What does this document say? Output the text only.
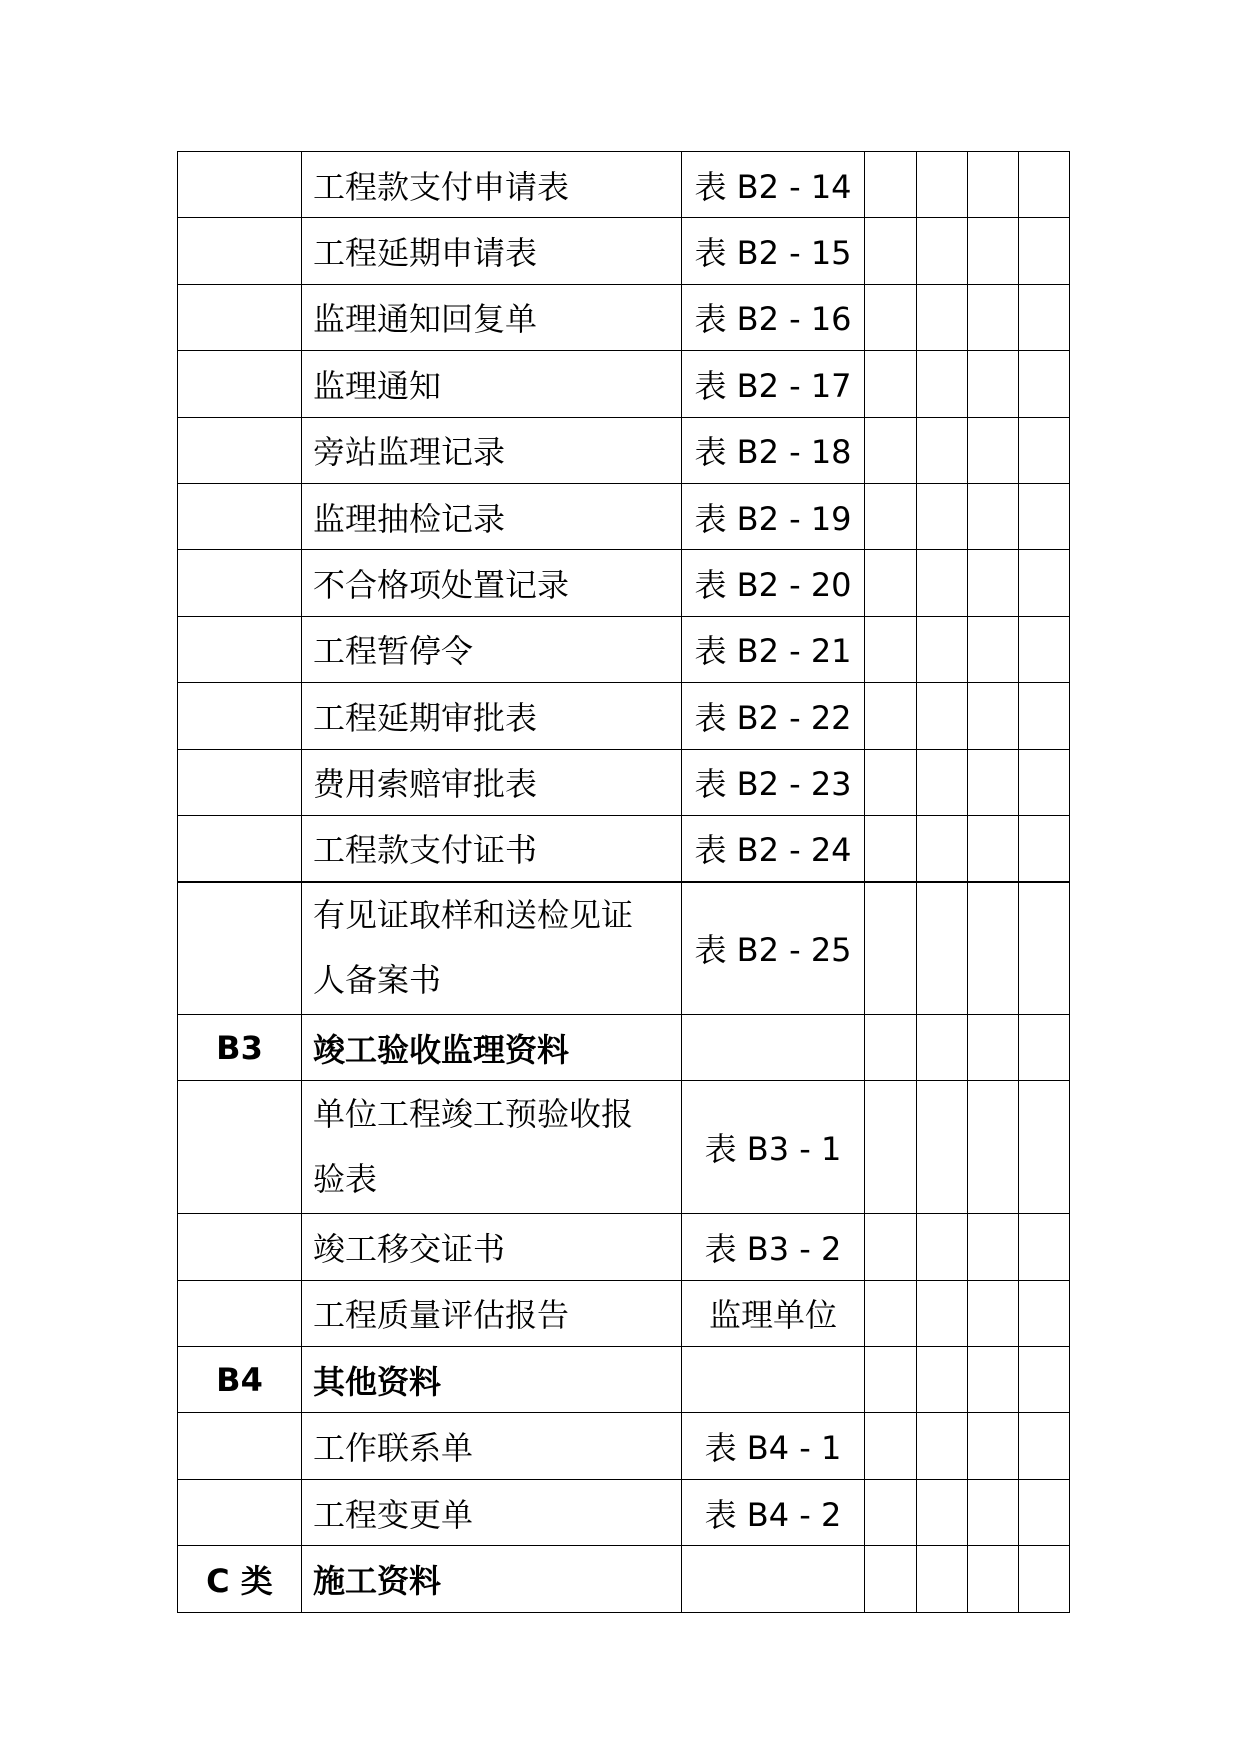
	工程款支付申请表	表 B2 - 14				
	工程延期申请表	表 B2 - 15				
	监理通知回复单	表 B2 - 16				
	监理通知	表 B2 - 17				
	旁站监理记录	表 B2 - 18				
	监理抽检记录	表 B2 - 19				
	不合格项处置记录	表 B2 - 20				
	工程暂停令	表 B2 - 21				
	工程延期审批表	表 B2 - 22				
	费用索赔审批表	表 B2 - 23				
	工程款支付证书	表 B2 - 24				

	有见证取样和送检见证
人备案书	表 B2 - 25				
B3	竣工验收监理资料					

	单位工程竣工预验收报
验表	表 B3 - 1				
	竣工移交证书	表 B3 - 2				
	工程质量评估报告	监理单位				
B4	其他资料					
	工作联系单	表 B4 - 1				
	工程变更单	表 B4 - 2				
C 类	施工资料					
